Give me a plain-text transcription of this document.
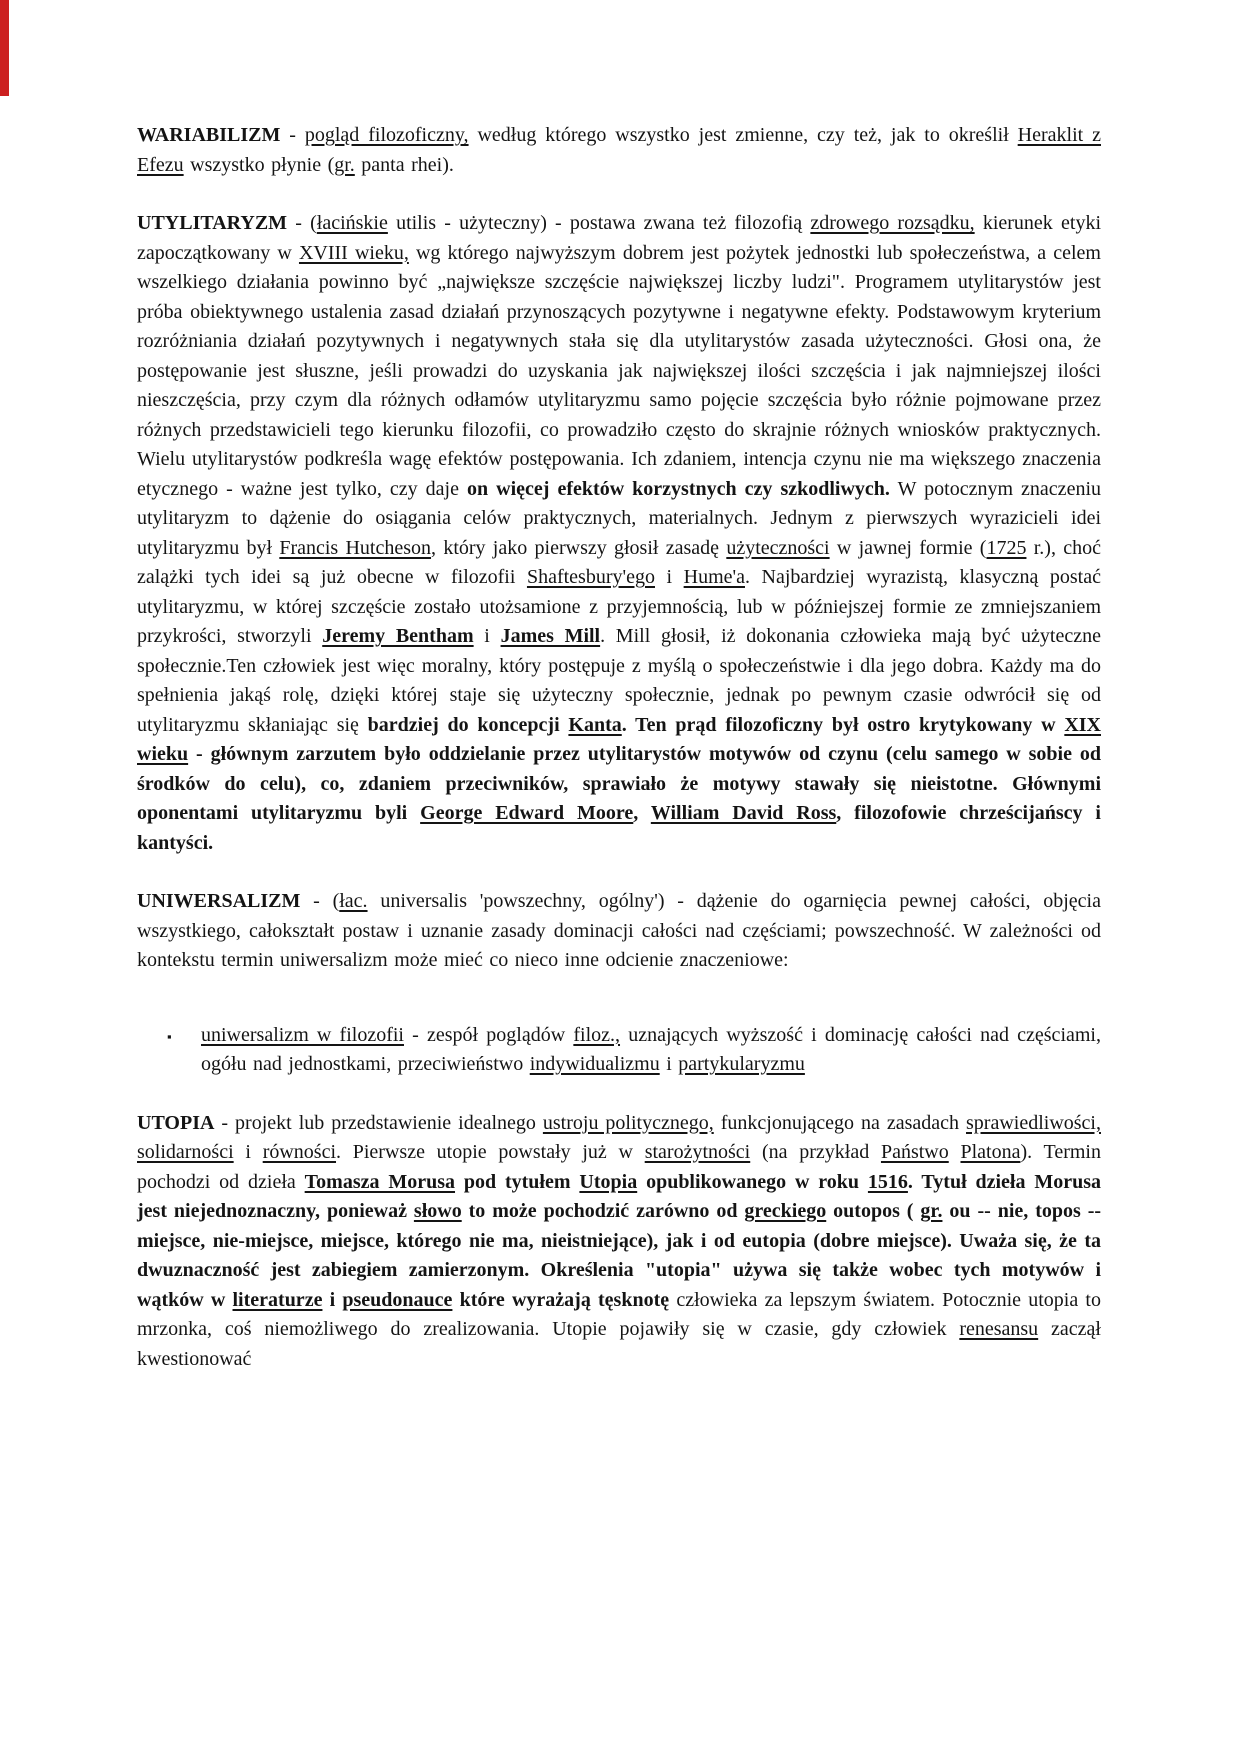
WARIABILIZM - pogląd filozoficzny, według którego wszystko jest zmienne, czy też, jak to określił Heraklit z Efezu wszystko płynie (gr. panta rhei).

UTYLITARYZM - (łacińskie utilis - użyteczny) - postawa zwana też filozofią zdrowego rozsądku, kierunek etyki zapoczątkowany w XVIII wieku, wg którego najwyższym dobrem jest pożytek jednostki lub społeczeństwa, a celem wszelkiego działania powinno być „największe szczęście największej liczby ludzi". Programem utylitarystów jest próba obiektywnego ustalenia zasad działań przynoszących pozytywne i negatywne efekty. Podstawowym kryterium rozróżniania działań pozytywnych i negatywnych stała się dla utylitarystów zasada użyteczności. Głosi ona, że postępowanie jest słuszne, jeśli prowadzi do uzyskania jak największej ilości szczęścia i jak najmniejszej ilości nieszczęścia, przy czym dla różnych odłamów utylitaryzmu samo pojęcie szczęścia było różnie pojmowane przez różnych przedstawicieli tego kierunku filozofii, co prowadziło często do skrajnie różnych wniosków praktycznych. Wielu utylitarystów podkreśla wagę efektów postępowania. Ich zdaniem, intencja czynu nie ma większego znaczenia etycznego - ważne jest tylko, czy daje on więcej efektów korzystnych czy szkodliwych. W potocznym znaczeniu utylitaryzm to dążenie do osiągania celów praktycznych, materialnych. Jednym z pierwszych wyrazicieli idei utylitaryzmu był Francis Hutcheson, który jako pierwszy głosił zasadę użyteczności w jawnej formie (1725 r.), choć zalążki tych idei są już obecne w filozofii Shaftesbury'ego i Hume'a. Najbardziej wyrazistą, klasyczną postać utylitaryzmu, w której szczęście zostało utożsamione z przyjemnością, lub w późniejszej formie ze zmniejszaniem przykrości, stworzyli Jeremy Bentham i James Mill. Mill głosił, iż dokonania człowieka mają być użyteczne społecznie.Ten człowiek jest więc moralny, który postępuje z myślą o społeczeństwie i dla jego dobra. Każdy ma do spełnienia jakąś rolę, dzięki której staje się użyteczny społecznie, jednak po pewnym czasie odwrócił się od utylitaryzmu skłaniając się bardziej do koncepcji Kanta. Ten prąd filozoficzny był ostro krytykowany w XIX wieku - głównym zarzutem było oddzielanie przez utylitarystów motywów od czynu (celu samego w sobie od środków do celu), co, zdaniem przeciwników, sprawiało że motywy stawały się nieistotne. Głównymi oponentami utylitaryzmu byli George Edward Moore, William David Ross, filozofowie chrześcijańscy i kantyści.

UNIWERSALIZM - (łac. universalis 'powszechny, ogólny') - dążenie do ogarnięcia pewnej całości, objęcia wszystkiego, całokształt postaw i uznanie zasady dominacji całości nad częściami; powszechność. W zależności od kontekstu termin uniwersalizm może mieć co nieco inne odcienie znaczeniowe:

▪ uniwersalizm w filozofii - zespół poglądów filoz., uznających wyższość i dominację całości nad częściami, ogółu nad jednostkami, przeciwieństwo indywidualizmu i partykularyzmu

UTOPIA - projekt lub przedstawienie idealnego ustroju politycznego, funkcjonującego na zasadach sprawiedliwości, solidarności i równości. Pierwsze utopie powstały już w starożytności (na przykład Państwo Platona). Termin pochodzi od dzieła Tomasza Morusa pod tytułem Utopia opublikowanego w roku 1516. Tytuł dzieła Morusa jest niejednoznaczny, ponieważ słowo to może pochodzić zarówno od greckiego outopos ( gr. ou -- nie, topos -- miejsce, nie-miejsce, miejsce, którego nie ma, nieistniejące), jak i od eutopia (dobre miejsce). Uważa się, że ta dwuznaczność jest zabiegiem zamierzonym. Określenia "utopia" używa się także wobec tych motywów i wątków w literaturze i pseudonauce które wyrażają tęsknotę człowieka za lepszym światem. Potocznie utopia to mrzonka, coś niemożliwego do zrealizowania. Utopie pojawiły się w czasie, gdy człowiek renesansu zaczął kwestionować
